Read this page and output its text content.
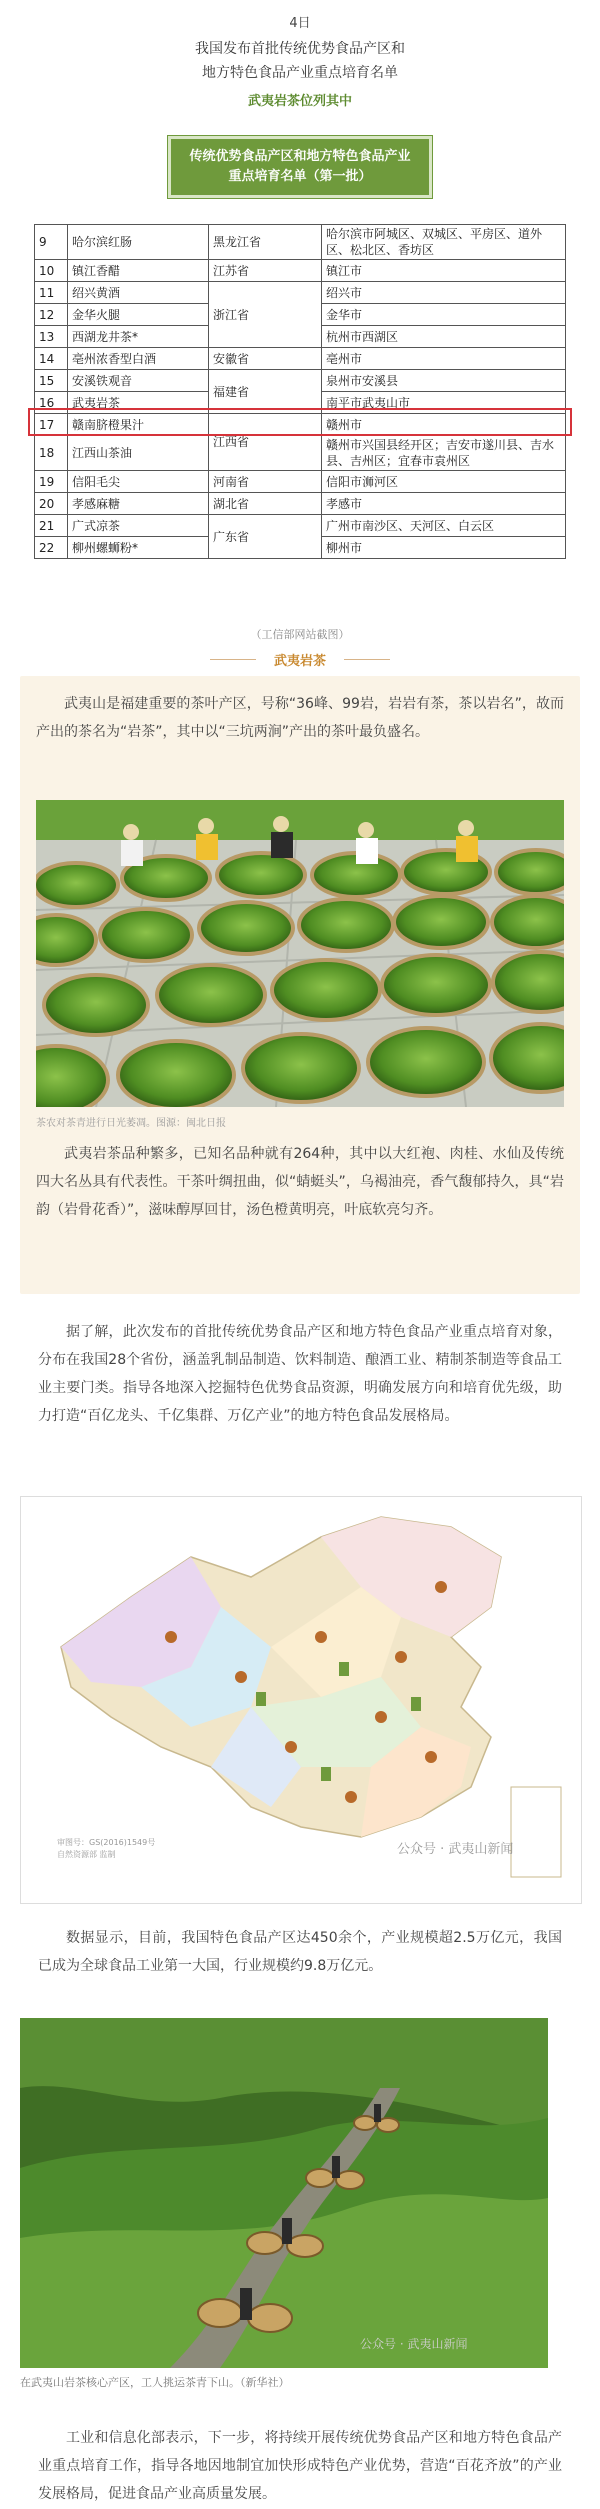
4日
我国发布首批传统优势食品产区和
地方特色食品产业重点培育名单
武夷岩茶位列其中
传统优势食品产区和地方特色食品产业
重点培育名单（第一批）
9	哈尔滨红肠	黑龙江省	哈尔滨市阿城区、双城区、平房区、道外区、松北区、香坊区
10	镇江香醋	江苏省	镇江市
11	绍兴黄酒	浙江省	绍兴市
12	金华火腿		金华市
13	西湖龙井茶*		杭州市西湖区
14	亳州浓香型白酒	安徽省	亳州市
15	安溪铁观音	福建省	泉州市安溪县
16	武夷岩茶		南平市武夷山市
17	赣南脐橙果汁	江西省	赣州市
18	江西山茶油		赣州市兴国县经开区；吉安市遂川县、吉水县、吉州区；宜春市袁州区
19	信阳毛尖	河南省	信阳市浉河区
20	孝感麻糖	湖北省	孝感市
21	广式凉茶	广东省	广州市南沙区、天河区、白云区
22	柳州螺蛳粉*		柳州市
（工信部网站截图）
武夷岩茶
武夷山是福建重要的茶叶产区，号称“36峰、99岩，岩岩有茶，茶以岩名”，故而产出的茶名为“岩茶”，其中以“三坑两涧”产出的茶叶最负盛名。
茶农对茶青进行日光萎凋。图源：闽北日报
武夷岩茶品种繁多，已知名品种就有264种，其中以大红袍、肉桂、水仙及传统四大名丛具有代表性。干茶叶绸扭曲，似“蜻蜓头”，乌褐油亮，香气馥郁持久，具“岩韵（岩骨花香）”，滋味醇厚回甘，汤色橙黄明亮，叶底软亮匀齐。
据了解，此次发布的首批传统优势食品产区和地方特色食品产业重点培育对象，分布在我国28个省份，涵盖乳制品制造、饮料制造、酿酒工业、精制茶制造等食品工业主要门类。指导各地深入挖掘特色优势食品资源，明确发展方向和培育优先级，助力打造“百亿龙头、千亿集群、万亿产业”的地方特色食品发展格局。
审图号：GS(2016)1549号
自然资源部 监制	公众号 · 武夷山新闻
数据显示，目前，我国特色食品产区达450余个，产业规模超2.5万亿元，我国已成为全球食品工业第一大国，行业规模约9.8万亿元。
公众号 · 武夷山新闻
在武夷山岩茶核心产区，工人挑运茶青下山。（新华社）
工业和信息化部表示，下一步，将持续开展传统优势食品产区和地方特色食品产业重点培育工作，指导各地因地制宜加快形成特色产业优势，营造“百花齐放”的产业发展格局，促进食品产业高质量发展。
